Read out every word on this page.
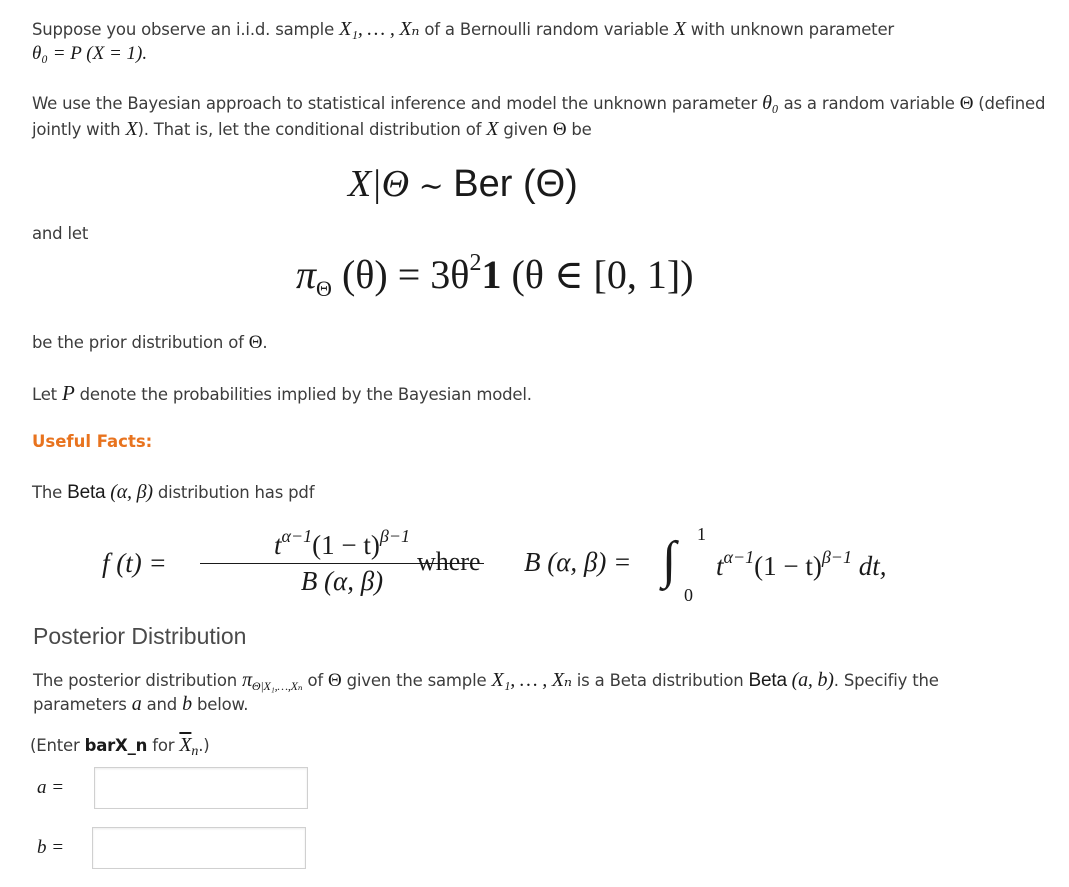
Suppose you observe an i.i.d. sample X₁, … , Xₙ of a Bernoulli random variable X with unknown parameter
θ₀ = P (X = 1).
We use the Bayesian approach to statistical inference and model the unknown parameter θ₀ as a random variable Θ (defined
jointly with X). That is, let the conditional distribution of X given Θ be
X|Θ ∼ Ber (Θ)
and let
$\pi_\Theta$ $(\theta) = 3\theta^21$ (θ ∈ [0, 1])
be the prior distribution of Θ.
Let P denote the probabilities implied by the Bayesian model.
Useful Facts:
The Beta (α, β) distribution has pdf
f $(t) = \frac{t^{\alpha-1}(1 - t)^{\beta-1}}{B (\alpha, \beta)}$
where B (α, β) = ∫ 1
0
$t^{\alpha-1}(1 - t)^{\beta-1}$ dt,
Posterior Distribution
The posterior distribution $\pi_{\Theta|X_1,\dots,X_n}$ of Θ given the sample X₁, … , Xₙ is a Beta distribution Beta (a, b). Specifiy the
parameters a and b below.
(Enter barX_n for $\overline{X}_n$.)
a =
b =
